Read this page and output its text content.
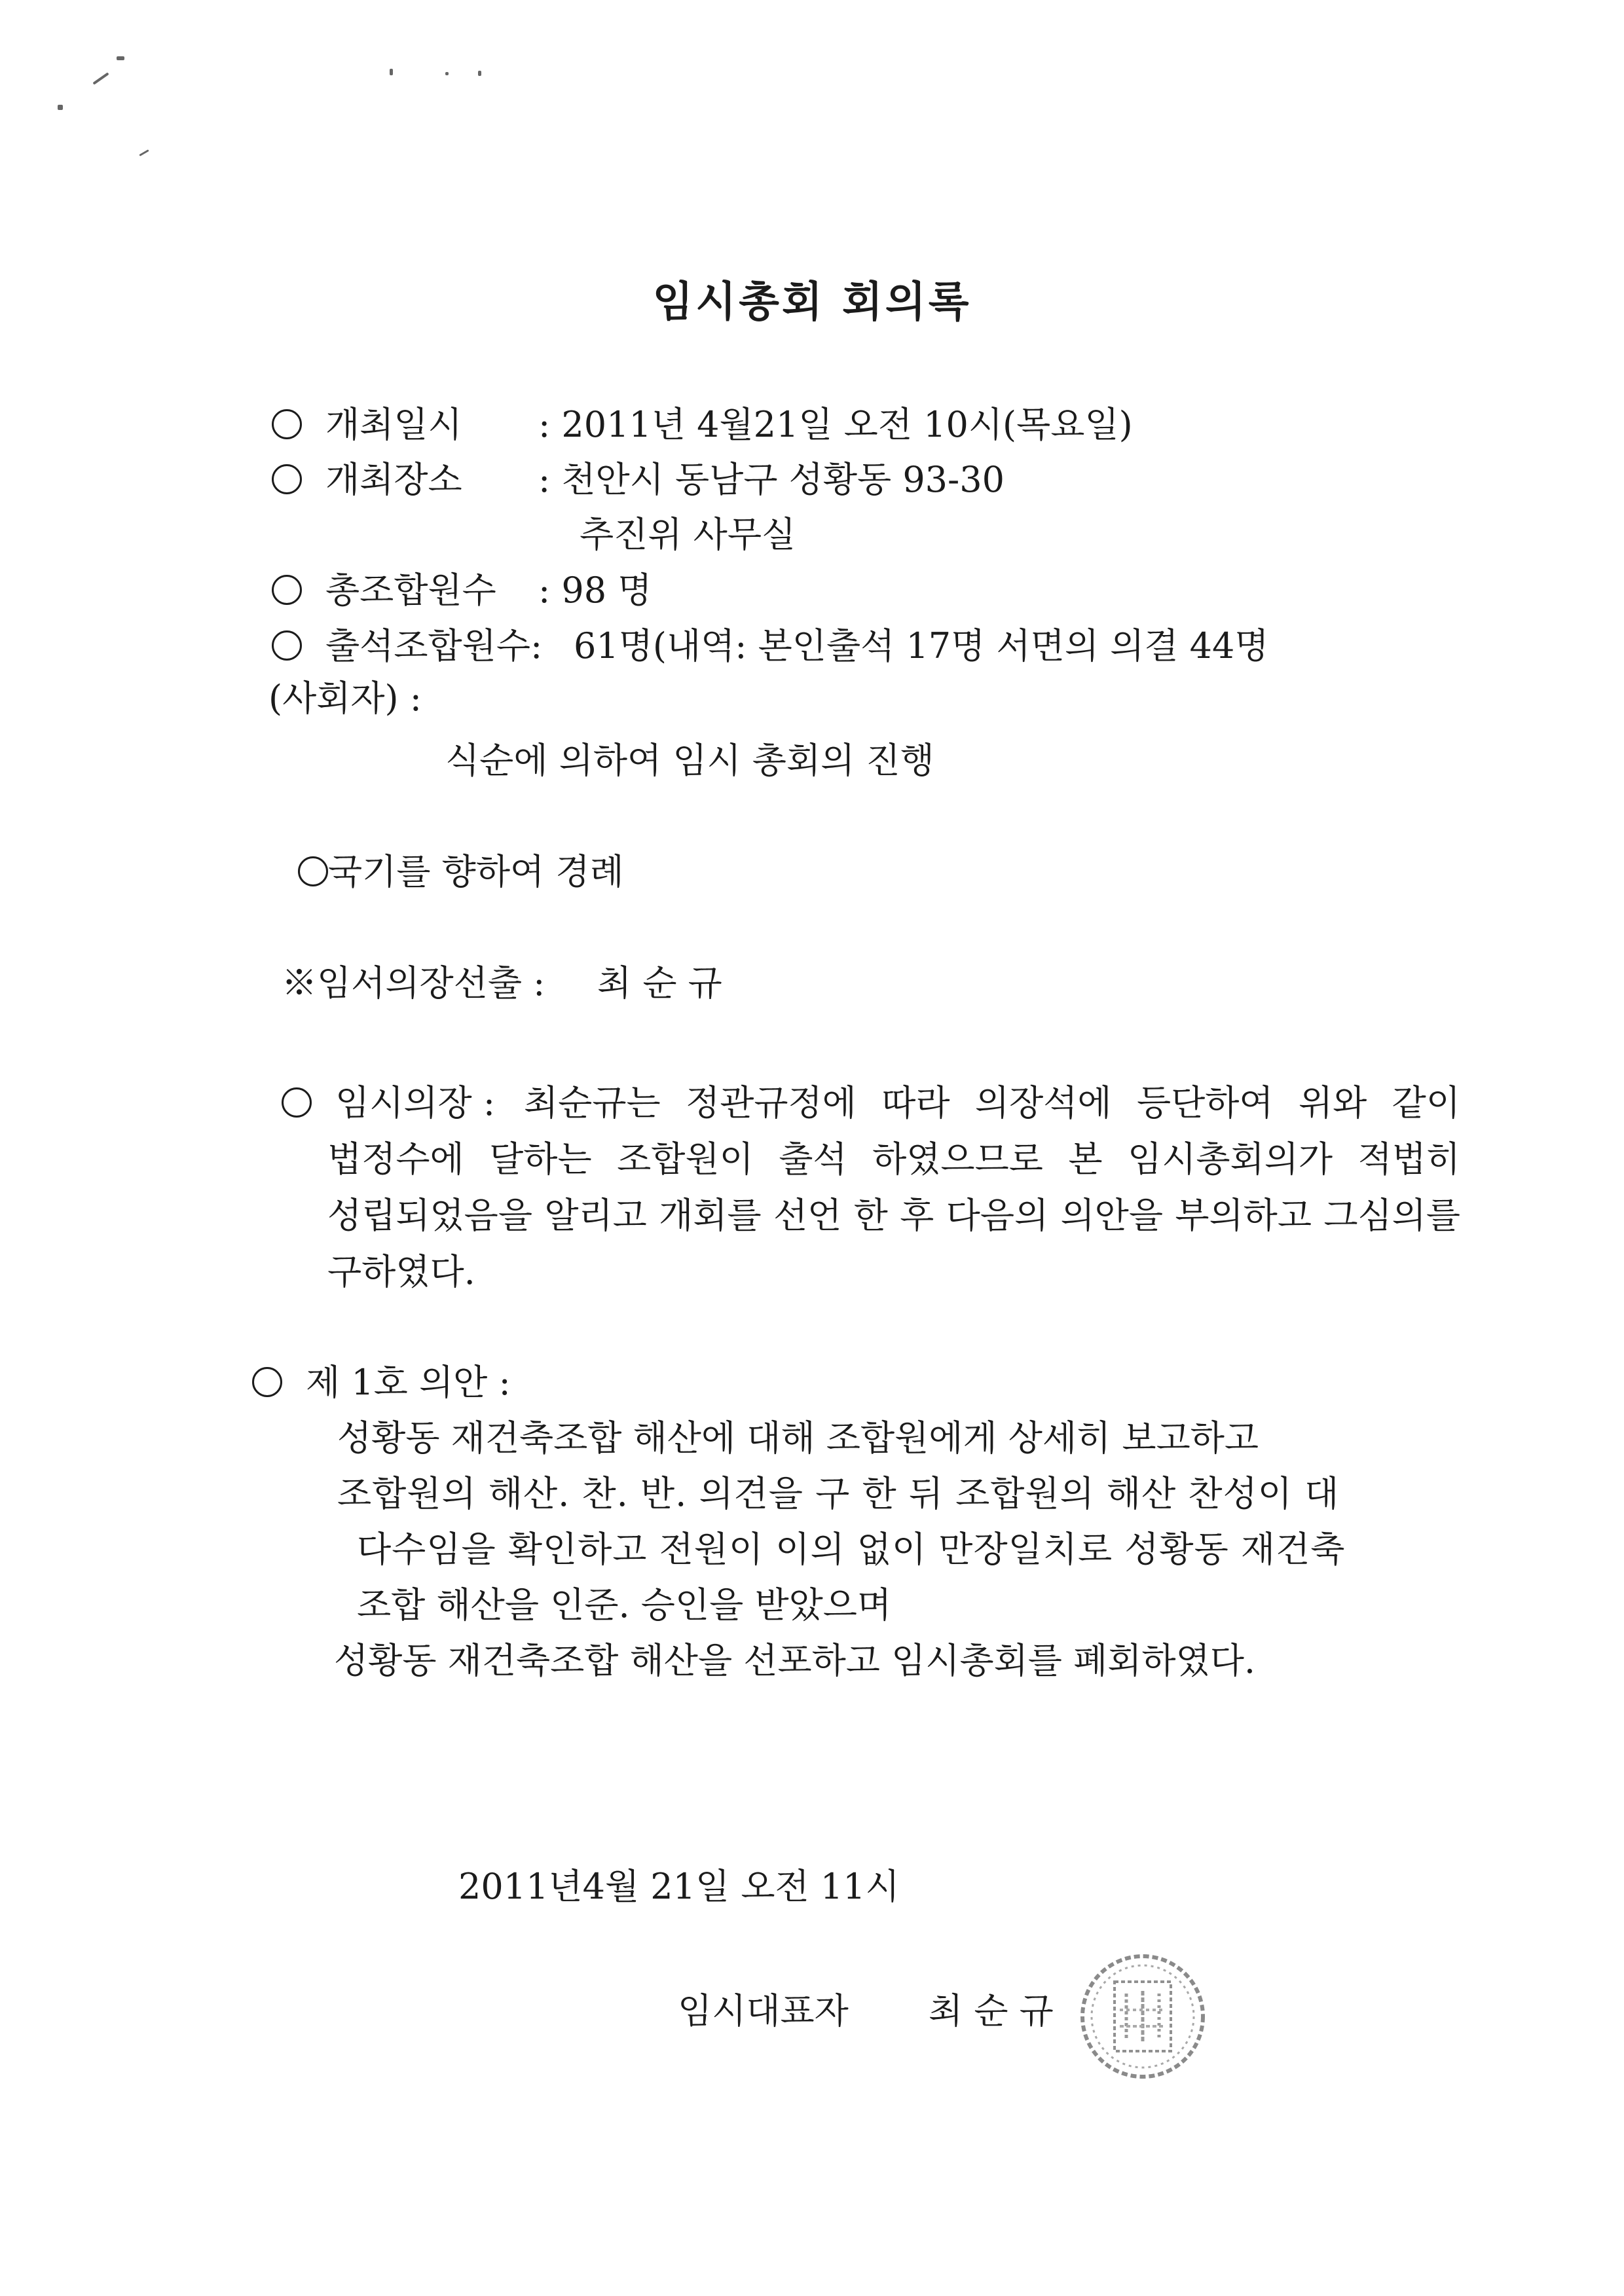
임시총회 회의록
개최일시 : 2011년 4월21일 오전 10시(목요일)
개최장소 : 천안시 동남구 성황동 93-30
추진위 사무실
총조합원수 : 98 명
출석조합원수: 61명(내역: 본인출석 17명 서면의 의결 44명
(사회자) :
식순에 의하여 임시 총회의 진행
국기를 향하여 경례
※임서의장선출 : 최 순 규
임시의장 : 최순규는 정관규정에 따라 의장석에 등단하여 위와 같이 법정수에 달하는 조합원이 출석 하였으므로 본 임시총회의가 적법히 성립되었음을 알리고 개회를 선언 한 후 다음의 의안을 부의하고 그심의를 구하였다.

제 1호 의안 :
성황동 재건축조합 해산에 대해 조합원에게 상세히 보고하고
조합원의 해산. 찬. 반. 의견을 구 한 뒤 조합원의 해산 찬성이 대
다수임을 확인하고 전원이 이의 없이 만장일치로 성황동 재건축
조합 해산을 인준. 승인을 받았으며
성황동 재건축조합 해산을 선포하고 임시총회를 폐회하였다.
2011년4월 21일 오전 11시
임시대표자 최 순 규
